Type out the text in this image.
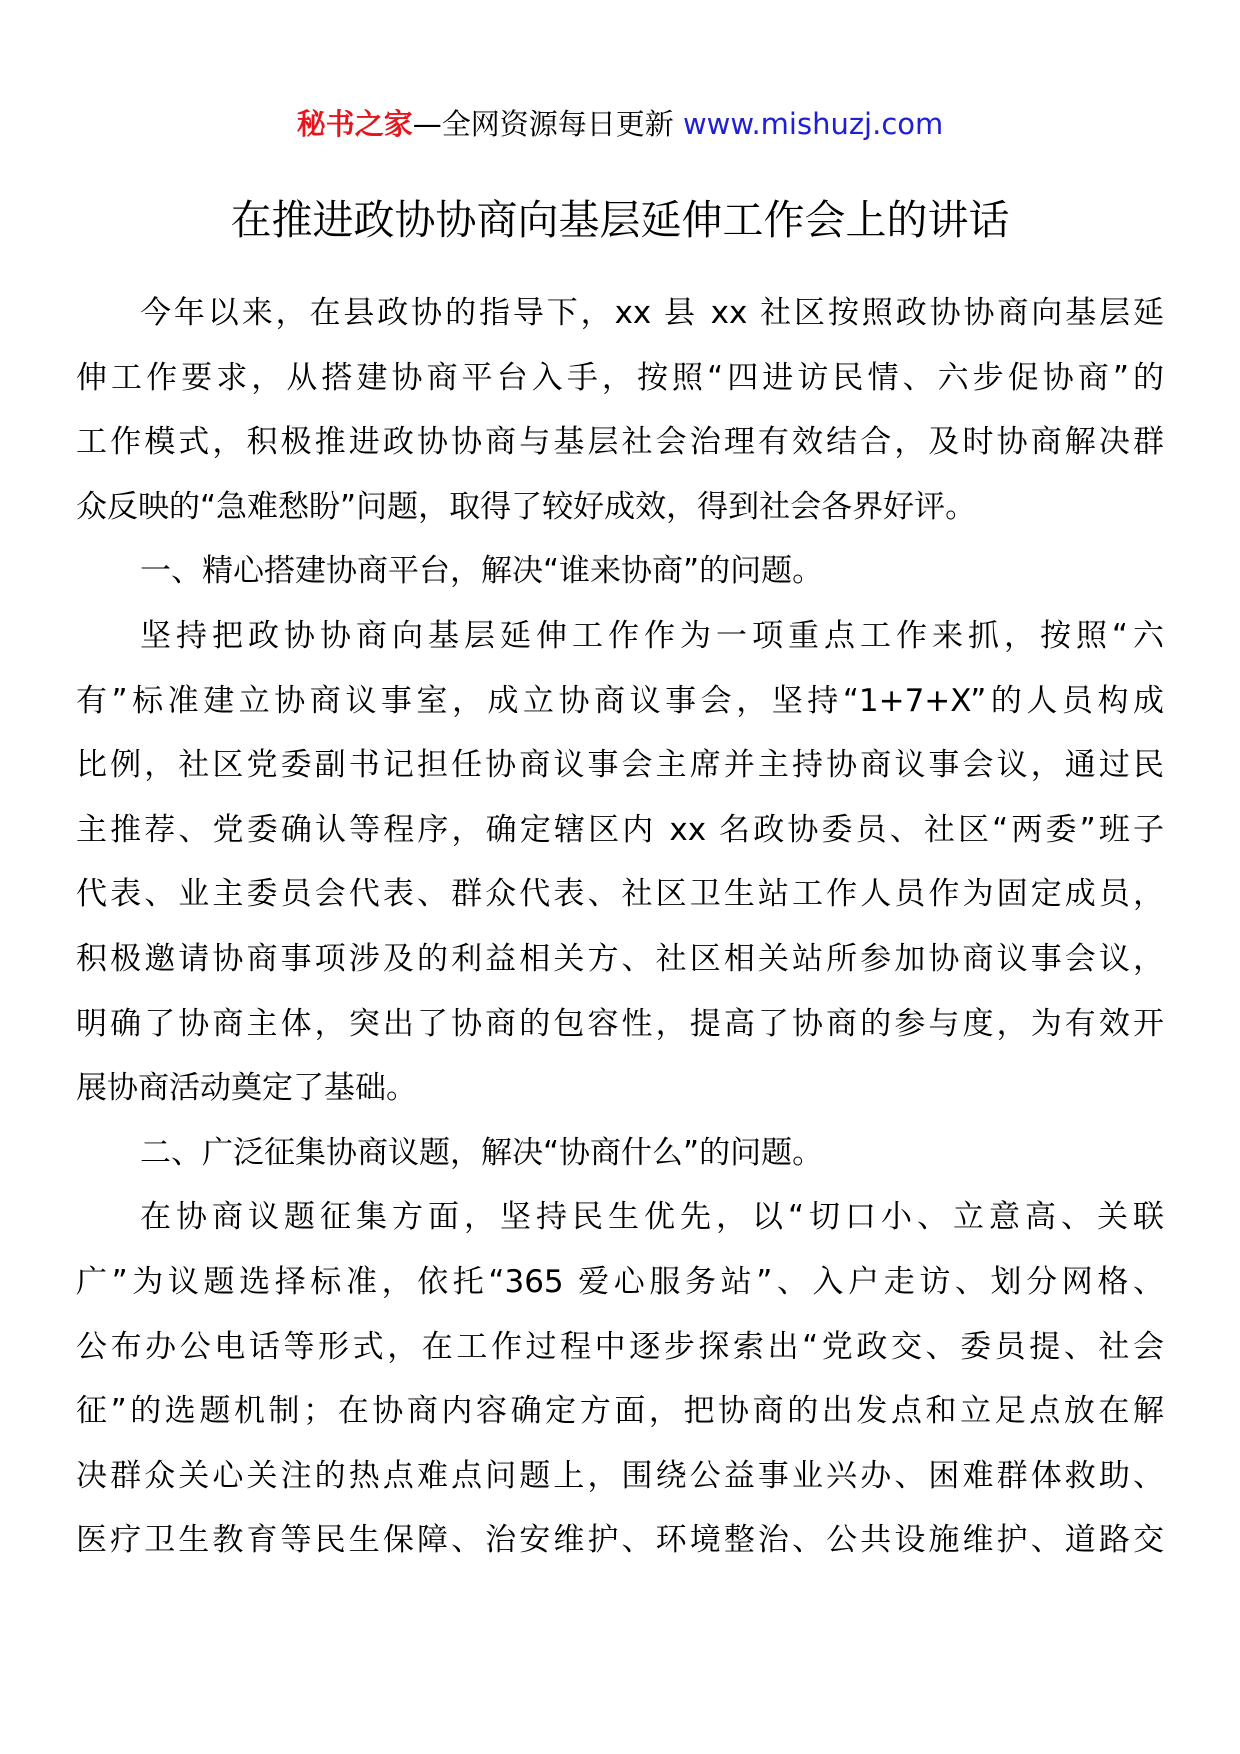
秘书之家—全网资源每日更新 www.mishuzj.com
在推进政协协商向基层延伸工作会上的讲话
今年以来，在县政协的指导下，xx 县 xx 社区按照政协协商向基层延
伸工作要求，从搭建协商平台入手，按照“四进访民情、六步促协商”的
工作模式，积极推进政协协商与基层社会治理有效结合，及时协商解决群
众反映的“急难愁盼”问题，取得了较好成效，得到社会各界好评。
一、精心搭建协商平台，解决“谁来协商”的问题。
坚持把政协协商向基层延伸工作作为一项重点工作来抓，按照“六
有”标准建立协商议事室，成立协商议事会，坚持“1+7+X”的人员构成
比例，社区党委副书记担任协商议事会主席并主持协商议事会议，通过民
主推荐、党委确认等程序，确定辖区内 xx 名政协委员、社区“两委”班子
代表、业主委员会代表、群众代表、社区卫生站工作人员作为固定成员，
积极邀请协商事项涉及的利益相关方、社区相关站所参加协商议事会议，
明确了协商主体，突出了协商的包容性，提高了协商的参与度，为有效开
展协商活动奠定了基础。
二、广泛征集协商议题，解决“协商什么”的问题。
在协商议题征集方面，坚持民生优先，以“切口小、立意高、关联
广”为议题选择标准，依托“365 爱心服务站”、入户走访、划分网格、
公布办公电话等形式，在工作过程中逐步探索出“党政交、委员提、社会
征”的选题机制；在协商内容确定方面，把协商的出发点和立足点放在解
决群众关心关注的热点难点问题上，围绕公益事业兴办、困难群体救助、
医疗卫生教育等民生保障、治安维护、环境整治、公共设施维护、道路交
